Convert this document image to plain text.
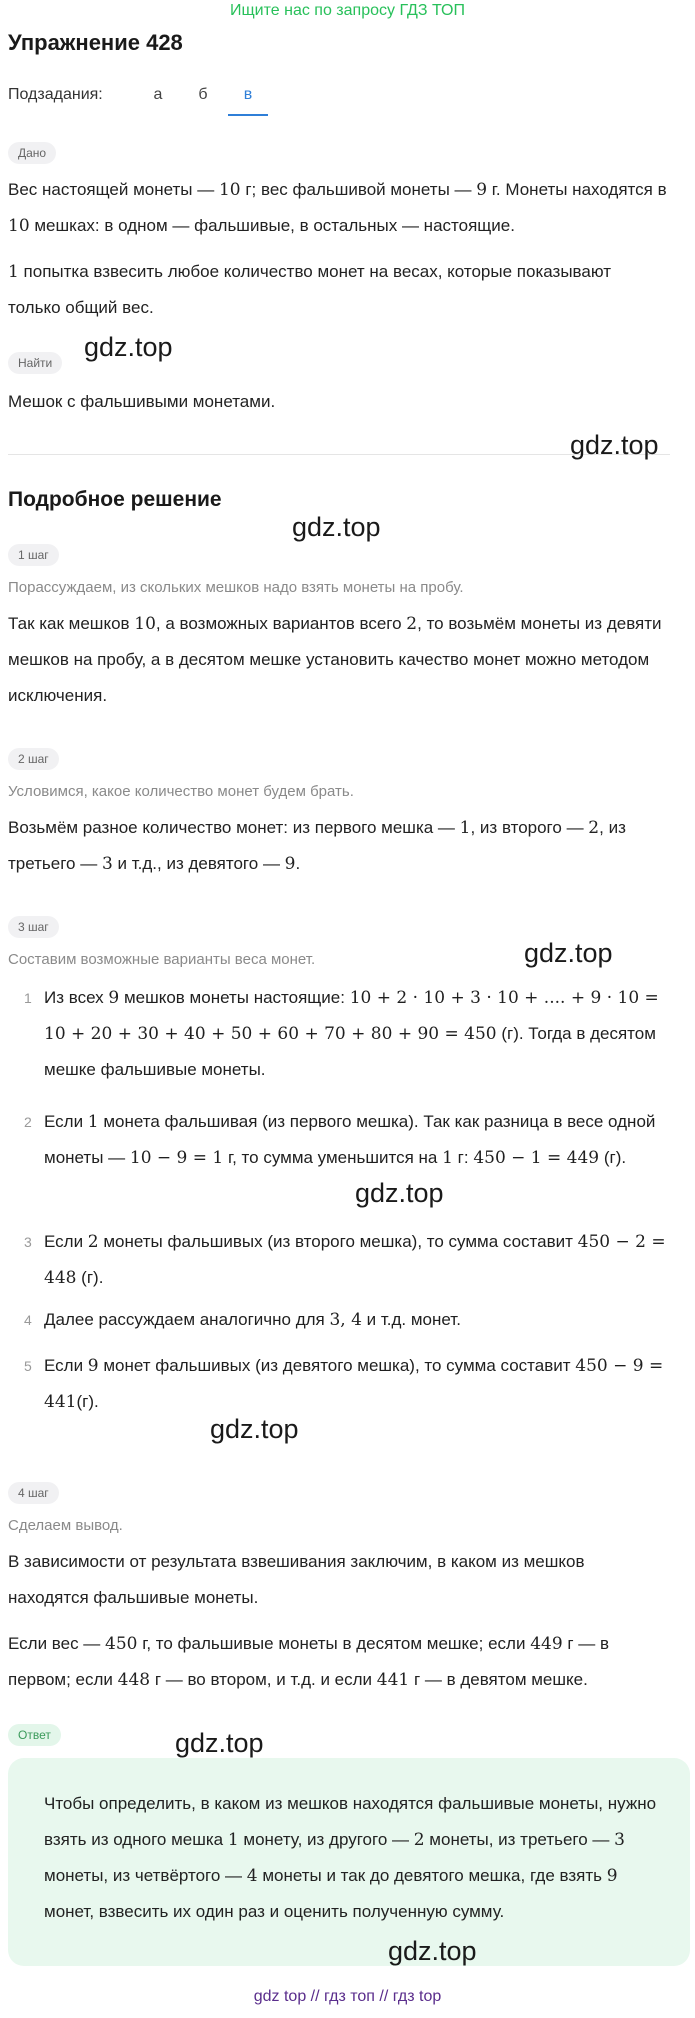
Ищите нас по запросу ГДЗ ТОП
Упражнение 428
Подзадания:	а	б	в
Дано
Вес настоящей монеты — 10 г; вес фальшивой монеты — 9 г. Монеты находятся в 10 мешках: в одном — фальшивые, в остальных — настоящие.
1 попытка взвесить любое количество монет на весах, которые показывают только общий вес.
Найти
Мешок с фальшивыми монетами.
Подробное решение
1 шаг
Порассуждаем, из скольких мешков надо взять монеты на пробу.
Так как мешков 10, а возможных вариантов всего 2, то возьмём монеты из девяти мешков на пробу, а в десятом мешке установить качество монет можно методом исключения.
2 шаг
Условимся, какое количество монет будем брать.
Возьмём разное количество монет: из первого мешка — 1, из второго — 2, из третьего — 3 и т.д., из девятого — 9.
3 шаг
Составим возможные варианты веса монет.
1 Из всех 9 мешков монеты настоящие: 10 + 2 · 10 + 3 · 10 + .... + 9 · 10 = 10 + 20 + 30 + 40 + 50 + 60 + 70 + 80 + 90 = 450 (г). Тогда в десятом мешке фальшивые монеты.
2 Если 1 монета фальшивая (из первого мешка). Так как разница в весе одной монеты — 10 − 9 = 1 г, то сумма уменьшится на 1 г: 450 − 1 = 449 (г).
3 Если 2 монеты фальшивых (из второго мешка), то сумма составит 450 − 2 = 448 (г).
4 Далее рассуждаем аналогично для 3, 4 и т.д. монет.
5 Если 9 монет фальшивых (из девятого мешка), то сумма составит 450 − 9 = 441(г).
4 шаг
Сделаем вывод.
В зависимости от результата взвешивания заключим, в каком из мешков находятся фальшивые монеты.
Если вес — 450 г, то фальшивые монеты в десятом мешке; если 449 г — в первом; если 448 г — во втором, и т.д. и если 441 г — в девятом мешке.
Ответ
Чтобы определить, в каком из мешков находятся фальшивые монеты, нужно взять из одного мешка 1 монету, из другого — 2 монеты, из третьего — 3 монеты, из четвёртого — 4 монеты и так до девятого мешка, где взять 9 монет, взвесить их один раз и оценить полученную сумму.
gdz.top
gdz.top
gdz.top
gdz.top
gdz.top
gdz.top
gdz.top
gdz.top
gdz top // гдз топ // гдз top
